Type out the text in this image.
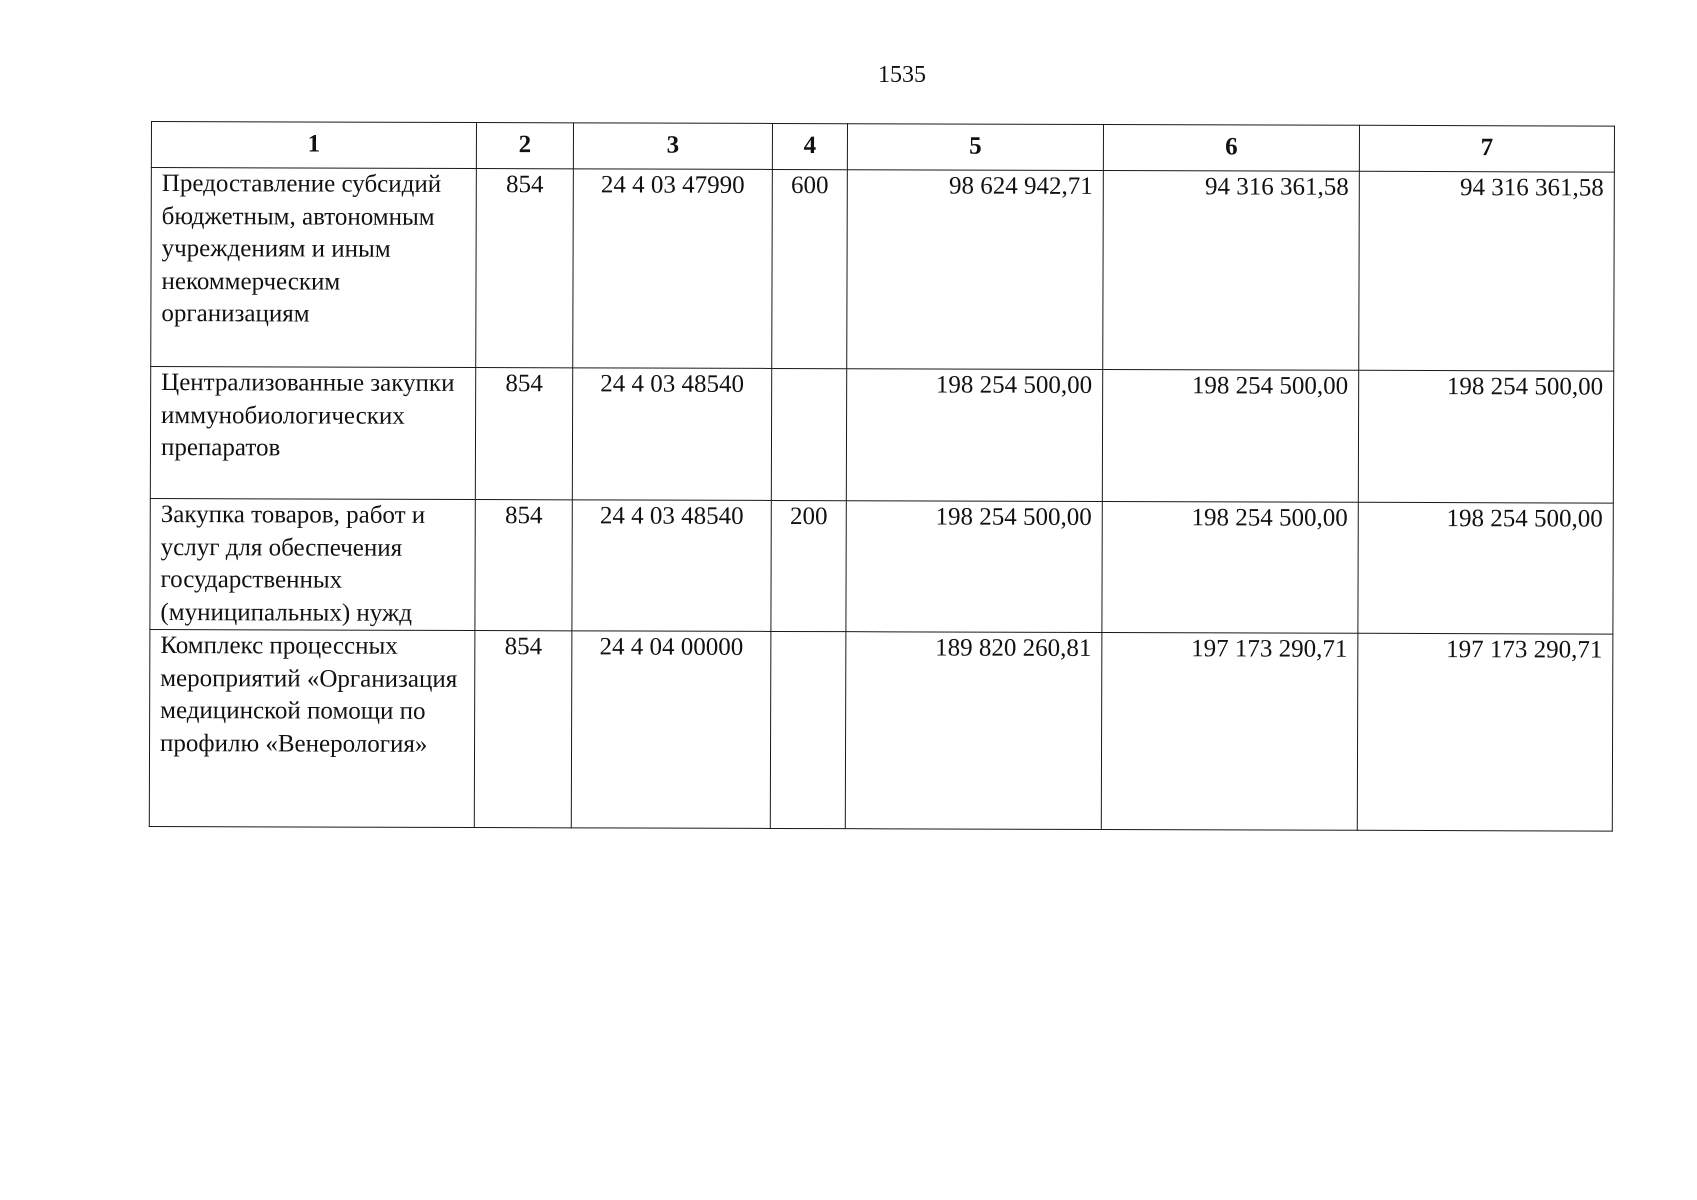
1535
1	2	3	4	5	6	7
Предоставление субсидий бюджетным, автономным учреждениям и иным некоммерческим организациям	854	24 4 03 47990	600	98 624 942,71	94 316 361,58	94 316 361,58
Централизованные закупки иммунобиологических препаратов	854	24 4 03 48540		198 254 500,00	198 254 500,00	198 254 500,00
Закупка товаров, работ и услуг для обеспечения государственных (муниципальных) нужд	854	24 4 03 48540	200	198 254 500,00	198 254 500,00	198 254 500,00
Комплекс процессных мероприятий «Организация медицинской помощи по профилю «Венерология»	854	24 4 04 00000		189 820 260,81	197 173 290,71	197 173 290,71
